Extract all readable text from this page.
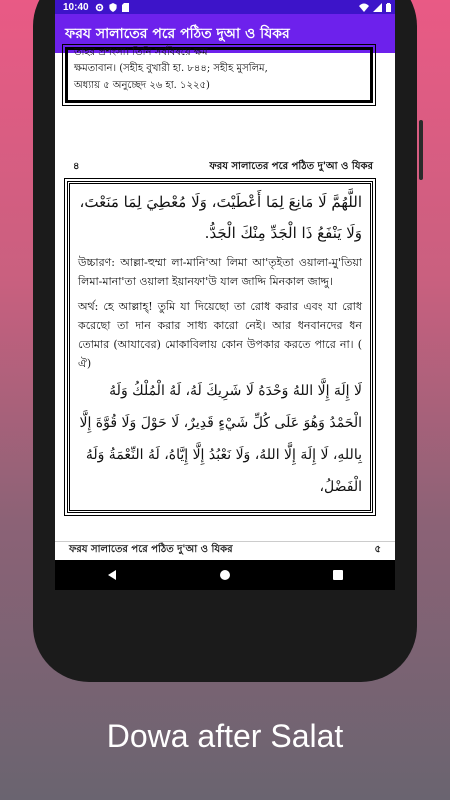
10:40
ফরয সালাতের পরে পঠিত দুআ ও যিকর
তাহর প্রশংসা। তিনি সর্ববিষয়ে ক্ষম
ক্ষমতাবান। (সহীহ বুখারী হা. ৮৪৪; সহীহ মুসলিম,
অধ্যায় ৫ অনুচ্ছেদ ২৬ হা. ১২২৫)
৪	ফরয সালাতের পরে পঠিত দু'আ ও যিকর
اللَّهُمَّ لَا مَانِعَ لِمَا أَعْطَيْتَ، وَلَا مُعْطِيَ لِمَا مَنَعْتَ، وَلَا يَنْفَعُ ذَا الْجَدِّ مِنْكَ الْجَدُّ.
উচ্চারণ: আল্লা-হুম্মা লা-মানি'আ লিমা আ'তৃইতা ওয়ালা-মু'তিয়া লিমা-মানা'তা ওয়ালা ইয়ানফা'উ যাল জাদ্দি মিনকাল জাদ্দু।
অর্থ: হে আল্লাহ্! তুমি যা দিয়েছো তা রোধ করার এবং যা রোধ করেছো তা দান করার সাধ্য কারো নেই। আর ধনবানদের ধন তোমার (আযাবের) মোকাবিলায় কোন উপকার করতে পারে না। ( ঐ)
لَا إِلَهَ إِلَّا اللهُ وَحْدَهُ لَا شَرِيكَ لَهُ، لَهُ الْمُلْكُ وَلَهُ الْحَمْدُ وَهُوَ عَلَى كُلِّ شَيْءٍ قَدِيرٌ، لَا حَوْلَ وَلَا قُوَّةَ إِلَّا بِاللهِ، لَا إِلَهَ إِلَّا اللهُ، وَلَا نَعْبُدُ إِلَّا إِيَّاهُ، لَهُ النِّعْمَةُ وَلَهُ الْفَضْلُ،
ফরয সালাতের পরে পঠিত দু'আ ও যিকর	৫
Dowa after Salat
